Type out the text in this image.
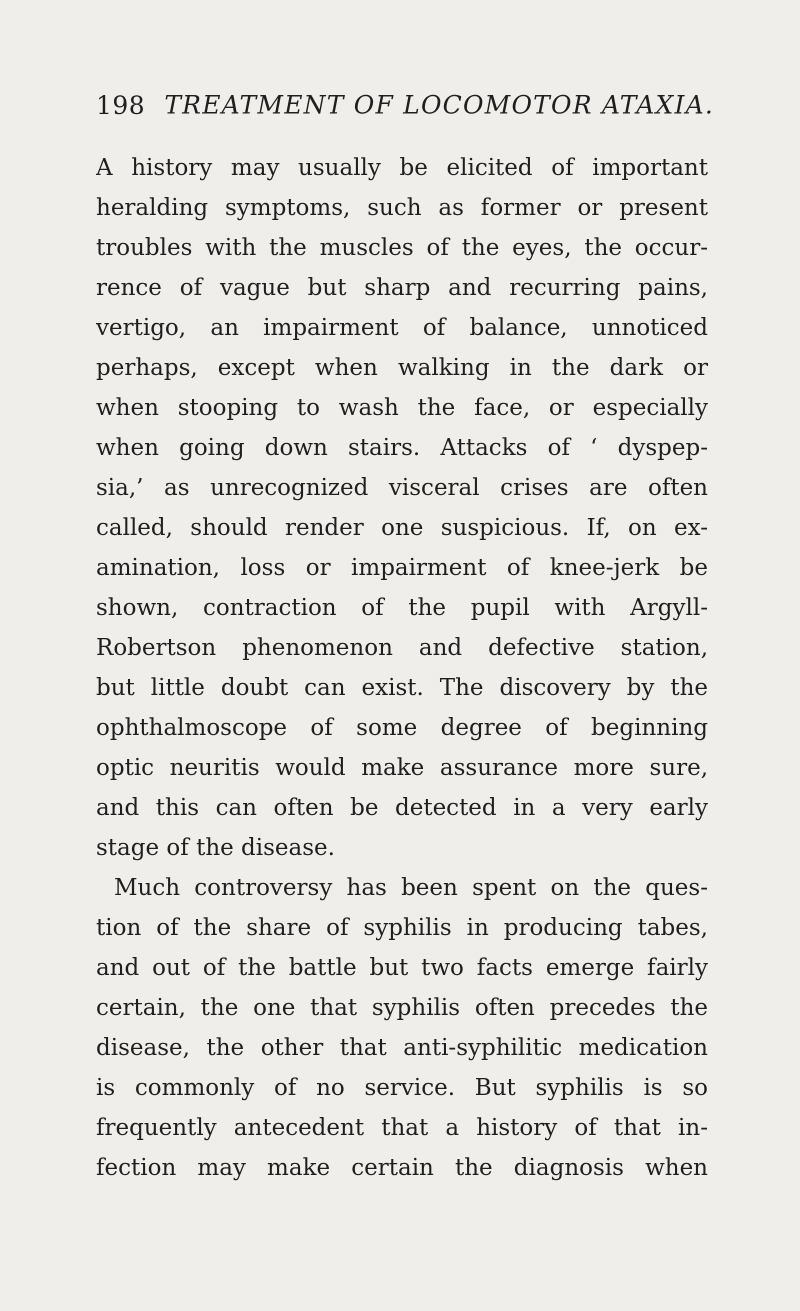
198 TREATMENT OF LOCOMOTOR ATAXIA.
A history may usually be elicited of important
heralding symptoms, such as former or present
troubles with the muscles of the eyes, the occur-
rence of vague but sharp and recurring pains,
vertigo, an impairment of balance, unnoticed
perhaps, except when walking in the dark or
when stooping to wash the face, or especially
when going down stairs. Attacks of ‘ dyspep-
sia,’ as unrecognized visceral crises are often
called, should render one suspicious. If, on ex-
amination, loss or impairment of knee-jerk be
shown, contraction of the pupil with Argyll-
Robertson phenomenon and defective station,
but little doubt can exist. The discovery by the
ophthalmoscope of some degree of beginning
optic neuritis would make assurance more sure,
and this can often be detected in a very early
stage of the disease.
Much controversy has been spent on the ques-
tion of the share of syphilis in producing tabes,
and out of the battle but two facts emerge fairly
certain, the one that syphilis often precedes the
disease, the other that anti-syphilitic medication
is commonly of no service. But syphilis is so
frequently antecedent that a history of that in-
fection may make certain the diagnosis when
